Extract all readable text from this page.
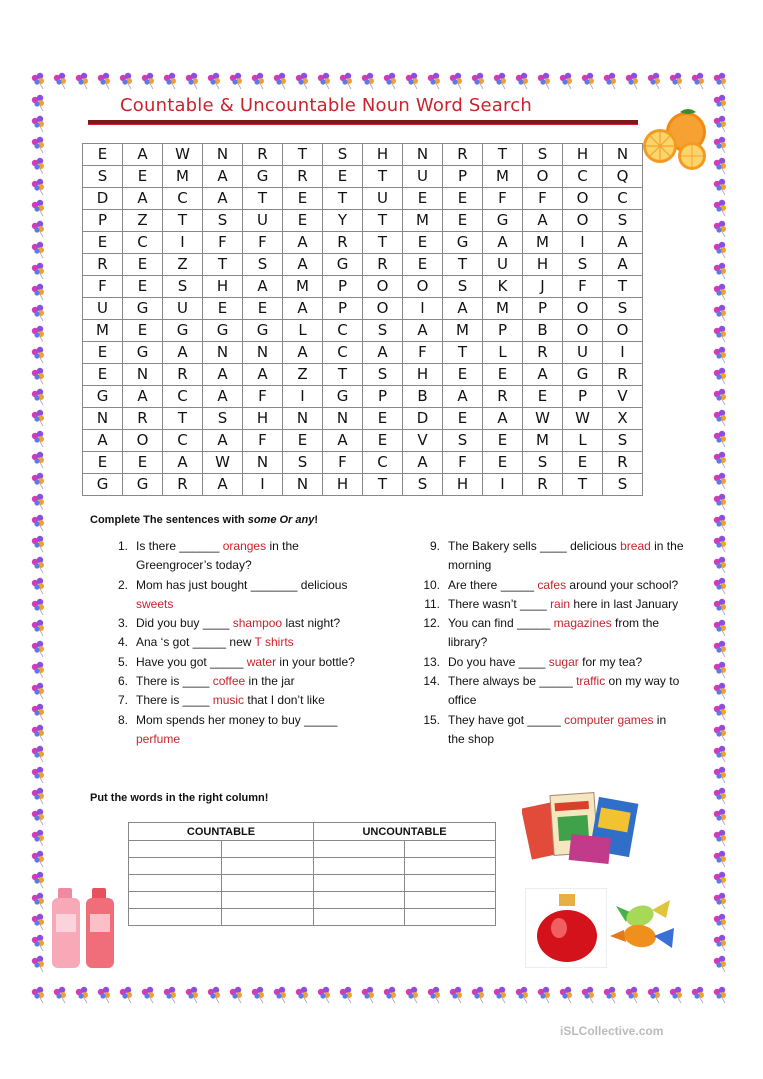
Countable & Uncountable Noun Word Search
E	A	W	N	R	T	S	H	N	R	T	S	H	N
S	E	M	A	G	R	E	T	U	P	M	O	C	Q
D	A	C	A	T	E	T	U	E	E	F	F	O	C
P	Z	T	S	U	E	Y	T	M	E	G	A	O	S
E	C	I	F	F	A	R	T	E	G	A	M	I	A
R	E	Z	T	S	A	G	R	E	T	U	H	S	A
F	E	S	H	A	M	P	O	O	S	K	J	F	T
U	G	U	E	E	A	P	O	I	A	M	P	O	S
M	E	G	G	G	L	C	S	A	M	P	B	O	O
E	G	A	N	N	A	C	A	F	T	L	R	U	I
E	N	R	A	A	Z	T	S	H	E	E	A	G	R
G	A	C	A	F	I	G	P	B	A	R	E	P	V
N	R	T	S	H	N	N	E	D	E	A	W	W	X
A	O	C	A	F	E	A	E	V	S	E	M	L	S
E	E	A	W	N	S	F	C	A	F	E	S	E	R
G	G	R	A	I	N	H	T	S	H	I	R	T	S
Complete The sentences with some Or any!
1. Is there ______ oranges in the Greengrocer’s today?
2. Mom has just bought _______ delicious sweets
3. Did you buy ____ shampoo last night?
4. Ana ‘s got _____ new T shirts
5. Have you got _____ water in your bottle?
6. There is ____ coffee in the jar
7. There is ____ music that I don’t like
8. Mom spends her money to buy _____ perfume
9. The Bakery sells ____ delicious bread in the morning
10. Are there _____ cafes around your school?
11. There wasn’t ____ rain here in last January
12. You can find _____ magazines from the library?
13. Do you have ____ sugar for my tea?
14. There always be _____ traffic on my way to office
15. They have got _____ computer games in the shop
Put the words in the right column!
COUNTABLE		UNCOUNTABLE	

iSLCollective.com
